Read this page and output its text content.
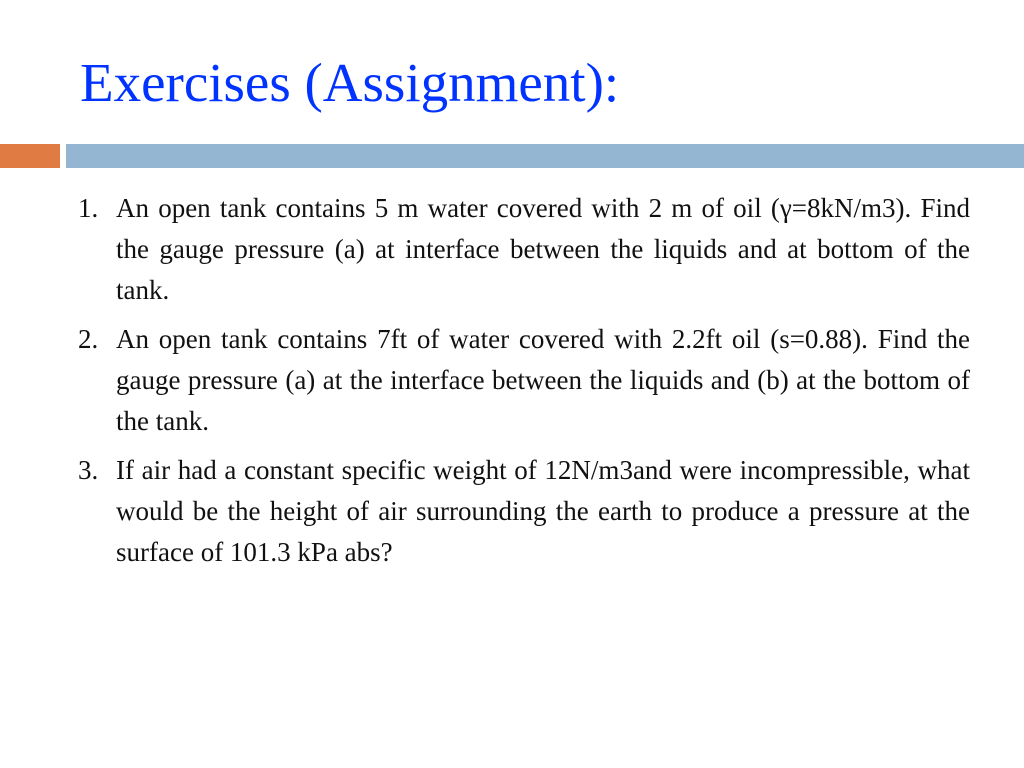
Exercises (Assignment):
1. An open tank contains 5 m water covered with 2 m of oil (γ=8kN/m3). Find the gauge pressure (a) at interface between the liquids and at bottom of the tank.
2. An open tank contains 7ft of water covered with 2.2ft oil (s=0.88). Find the gauge pressure (a) at the interface between the liquids and (b) at the bottom of the tank.
3. If air had a constant specific weight of 12N/m3and were incompressible, what would be the height of air surrounding the earth to produce a pressure at the surface of 101.3 kPa abs?
